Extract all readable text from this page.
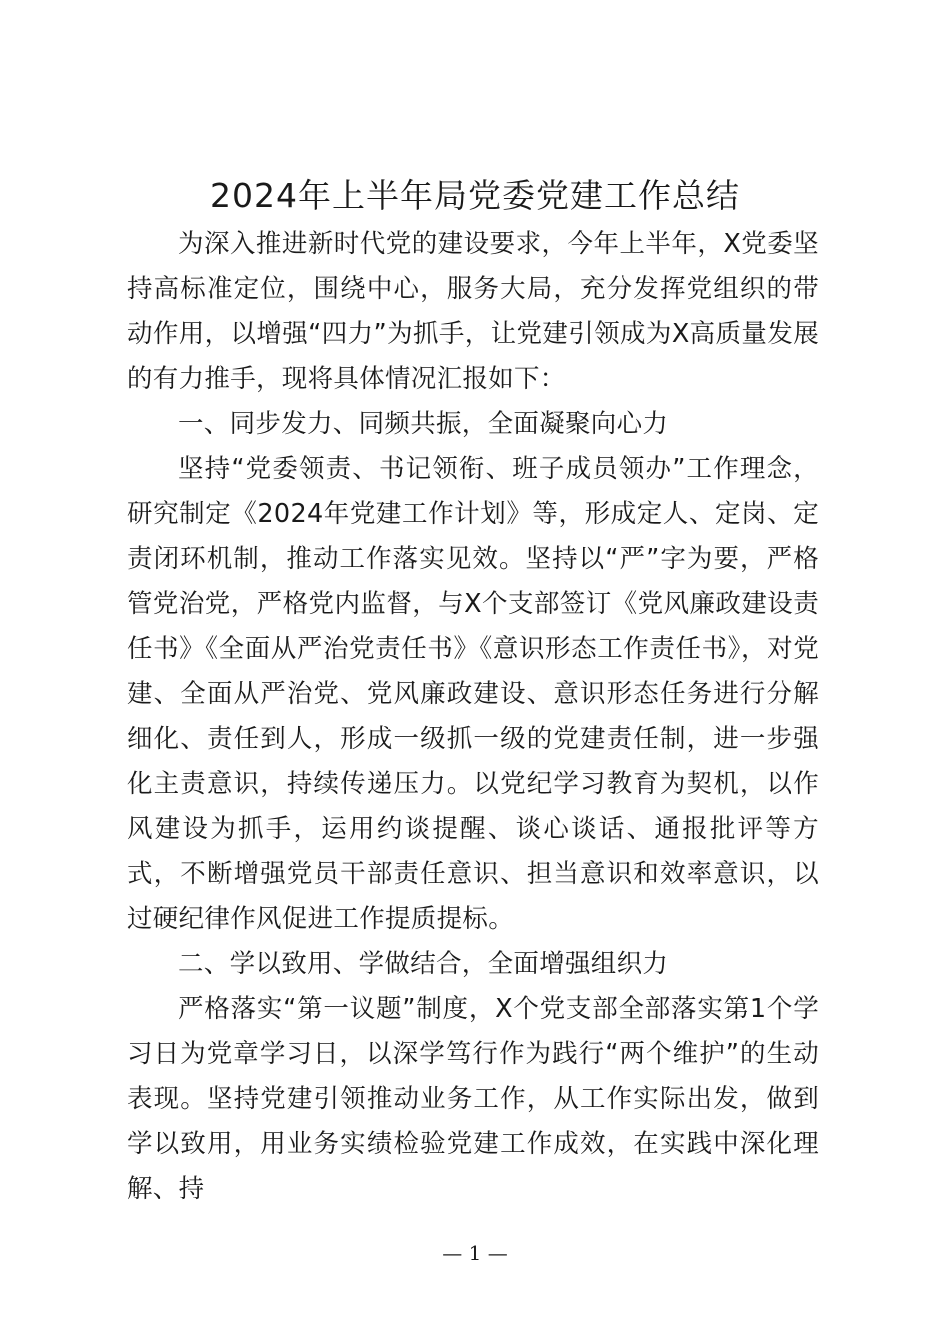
2024年上半年局党委党建工作总结

为深入推进新时代党的建设要求，今年上半年，X党委坚持高标准定位，围绕中心，服务大局，充分发挥党组织的带动作用，以增强“四力”为抓手，让党建引领成为X高质量发展的有力推手，现将具体情况汇报如下：

一、同步发力、同频共振，全面凝聚向心力

坚持“党委领责、书记领衔、班子成员领办”工作理念，研究制定《2024年党建工作计划》等，形成定人、定岗、定责闭环机制，推动工作落实见效。坚持以“严”字为要，严格管党治党，严格党内监督，与X个支部签订《党风廉政建设责任书》《全面从严治党责任书》《意识形态工作责任书》，对党建、全面从严治党、党风廉政建设、意识形态任务进行分解细化、责任到人，形成一级抓一级的党建责任制，进一步强化主责意识，持续传递压力。以党纪学习教育为契机，以作风建设为抓手，运用约谈提醒、谈心谈话、通报批评等方式，不断增强党员干部责任意识、担当意识和效率意识，以过硬纪律作风促进工作提质提标。

二、学以致用、学做结合，全面增强组织力

严格落实“第一议题”制度，X个党支部全部落实第1个学习日为党章学习日，以深学笃行作为践行“两个维护”的生动表现。坚持党建引领推动业务工作，从工作实际出发，做到学以致用，用业务实绩检验党建工作成效，在实践中深化理解、持

— 1 —
